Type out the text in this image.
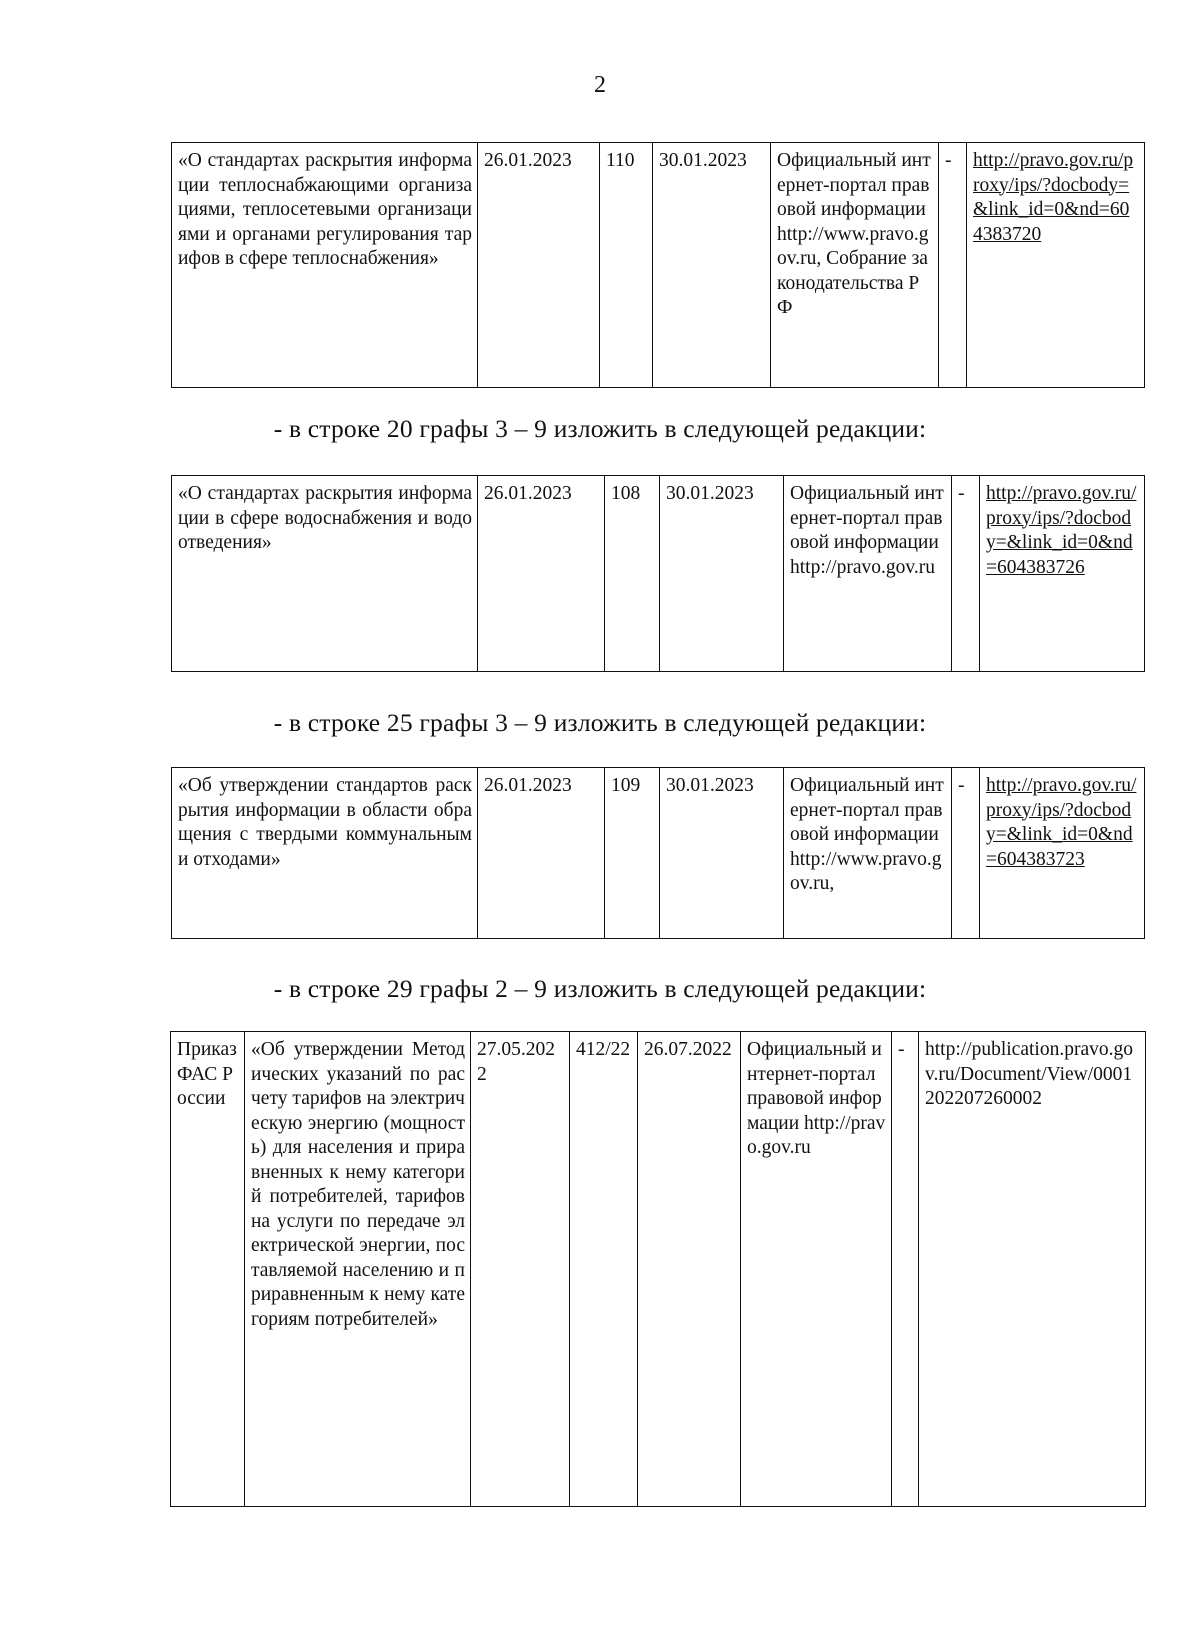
2
«О стандартах раскрытия информации теплоснабжающими организациями, теплосетевыми организациями и органами регулирования тарифов в сфере теплоснабжения»	26.01.2023	110	30.01.2023	Официальный интернет-портал правовой информации http://www.pravo.gov.ru, Собрание законодательства РФ	-	http://pravo.gov.ru/proxy/ips/?docbody=&link_id=0&nd=604383720
- в строке 20 графы 3 – 9 изложить в следующей редакции:
«О стандартах раскрытия информации в сфере водоснабжения и водоотведения»	26.01.2023	108	30.01.2023	Официальный интернет-портал правовой информации http://pravo.gov.ru	-	http://pravo.gov.ru/proxy/ips/?docbody=&link_id=0&nd=604383726
- в строке 25 графы 3 – 9 изложить в следующей редакции:
«Об утверждении стандартов раскрытия информации в области обращения с твердыми коммунальными отходами»	26.01.2023	109	30.01.2023	Официальный интернет-портал правовой информации http://www.pravo.gov.ru,	-	http://pravo.gov.ru/proxy/ips/?docbody=&link_id=0&nd=604383723
- в строке 29 графы 2 – 9 изложить в следующей редакции:
Приказ ФАС России	«Об утверждении Методических указаний по расчету тарифов на электрическую энергию (мощность) для населения и приравненных к нему категорий потребителей, тарифов на услуги по передаче электрической энергии, поставляемой населению и приравненным к нему категориям потребителей»	27.05.2022	412/22	26.07.2022	Официальный интернет-портал правовой информации http://pravo.gov.ru	-	http://publication.pravo.gov.ru/Document/View/0001202207260002
